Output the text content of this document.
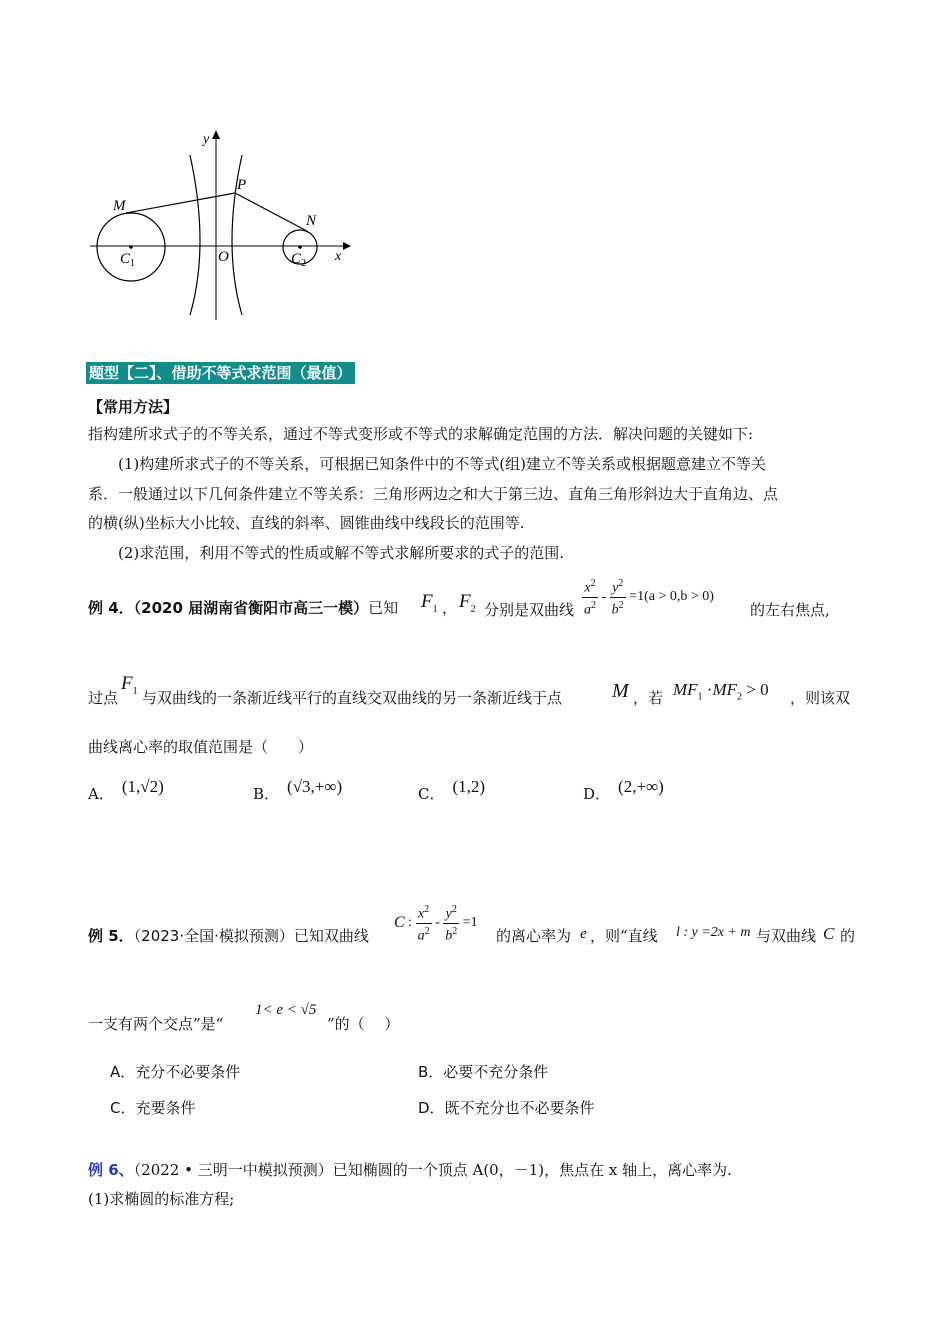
y
x
M
P
N
O
C 1	C 2
题型【二】、借助不等式求范围（最值）
【常用方法】
指构建所求式子的不等关系，通过不等式变形或不等式的求解确定范围的方法．解决问题的关键如下:
(1)构建所求式子的不等关系，可根据已知条件中的不等式(组)建立不等关系或根据题意建立不等关
系．一般通过以下几何条件建立不等关系：三角形两边之和大于第三边、直角三角形斜边大于直角边、点
的横(纵)坐标大小比较、直线的斜率、圆锥曲线中线段长的范围等.
(2)求范围，利用不等式的性质或解不等式求解所要求的式子的范围.
例 4．（2020 届湖南省衡阳市高三一模）已知 $F_1$ ， $F_2$ 分别是双曲线 $\frac{x^2}{a^2} - \frac{y^2}{b^2} =1(a > 0,b > 0)$
的左右焦点,
过点
$F_1$ 与双曲线的一条渐近线平行的直线交双曲线的另一条渐近线于点 M ，若 $MF_1 \cdot MF_2 > 0$ ，则该双
曲线离心率的取值范围是（　　）
A． (1,√2)	B． (√3,+∞)	C． (1,2)	D． (2,+∞)
例 5．（2023·全国·模拟预测）已知双曲线
C : $\frac{x^2}{a^2} - \frac{y^2}{b^2} =1$
的离心率为 e ，则“直线 l : y =2x + m 与双曲线 C 的
一支有两个交点”是“
1< e < √5
”的（　 ）
A．充分不必要条件	B．必要不充分条件
C．充要条件	D．既不充分也不必要条件
例 6、（2022 • 三明一中模拟预测）已知椭圆的一个顶点 A(0，－1)，焦点在 x 轴上，离心率为.
(1)求椭圆的标准方程;
